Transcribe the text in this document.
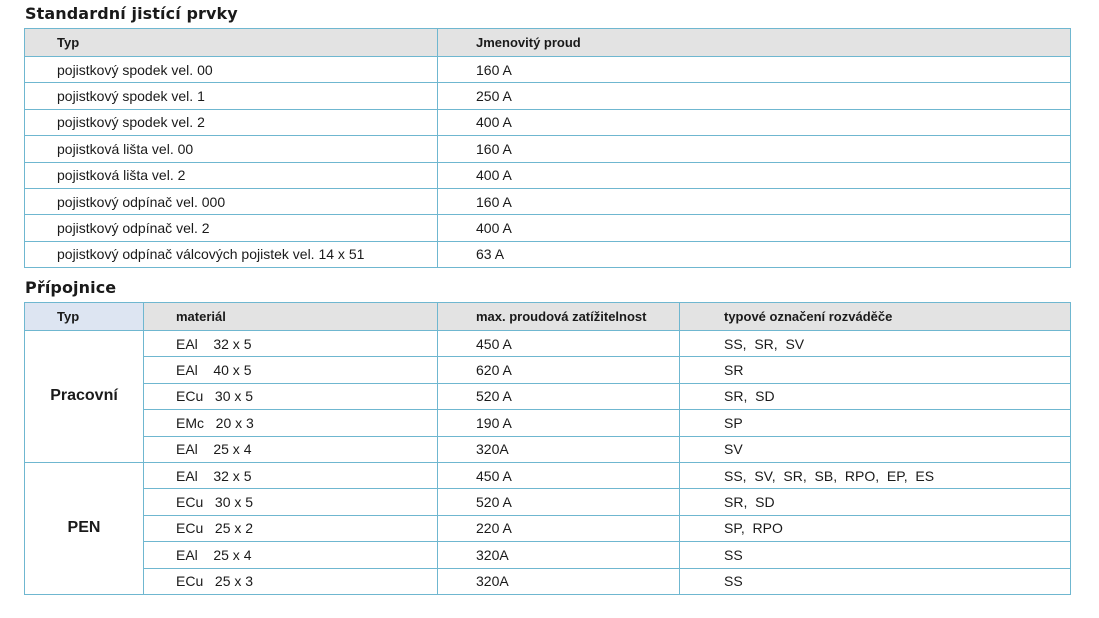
Standardní jistící prvky
Typ	Jmenovitý proud
pojistkový spodek vel. 00	160 A
pojistkový spodek vel. 1	250 A
pojistkový spodek vel. 2	400 A
pojistková lišta vel. 00	160 A
pojistková lišta vel. 2	400 A
pojistkový odpínač vel. 000	160 A
pojistkový odpínač vel. 2	400 A
pojistkový odpínač válcových pojistek vel. 14 x 51	63 A
Přípojnice
Typ	materiál	max. proudová zatížitelnost	typové označení rozváděče
Pracovní	EAl    32 x 5	450 A	SS,  SR,  SV
	EAl    40 x 5	620 A	SR
	ECu   30 x 5	520 A	SR,  SD
	EMc   20 x 3	190 A	SP
	EAl    25 x 4	320A	SV
PEN	EAl    32 x 5	450 A	SS,  SV,  SR,  SB,  RPO,  EP,  ES
	ECu   30 x 5	520 A	SR,  SD
	ECu   25 x 2	220 A	SP,  RPO
	EAl    25 x 4	320A	SS
	ECu   25 x 3	320A	SS
